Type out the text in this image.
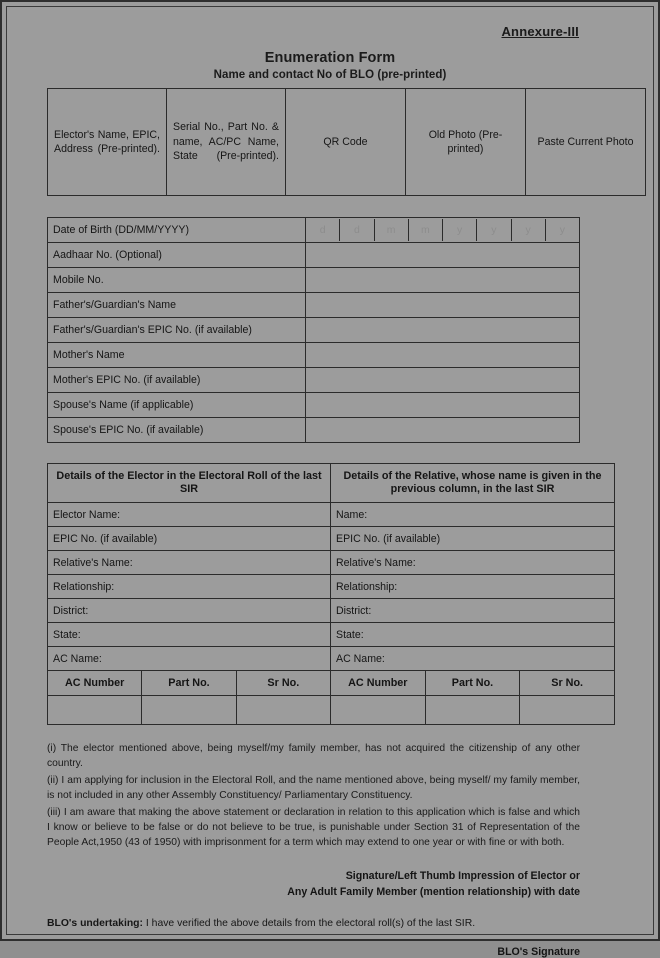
Annexure-III
Enumeration Form
Name and contact No of BLO (pre-printed)
Elector's Name, EPIC, Address (Pre-printed).	Serial No., Part No. & name, AC/PC Name, State (Pre-printed).	QR Code	Old Photo (Pre-printed)	Paste Current Photo
Date of Birth (DD/MM/YYYY)	d	d	m	m	y	y	y	y

Aadhaar No. (Optional)	
Mobile No.	
Father's/Guardian's Name	
Father's/Guardian's EPIC No. (if available)	
Mother's Name	
Mother's EPIC No. (if available)	
Spouse's Name (if applicable)	
Spouse's EPIC No. (if available)	
Details of the Elector in the Electoral Roll of the last SIR			Details of the Relative, whose name is given in the previous column, in the last SIR		
Elector Name:			Name:		
EPIC No. (if available)			EPIC No. (if available)		
Relative's Name:			Relative's Name:		
Relationship:			Relationship:		
District:			District:		
State:			State:		
AC Name:			AC Name:		
AC Number	Part No.	Sr No.	AC Number	Part No.	Sr No.

(i) The elector mentioned above, being myself/my family member, has not acquired the citizenship of any other country.

(ii) I am applying for inclusion in the Electoral Roll, and the name mentioned above, being myself/ my family member, is not included in any other Assembly Constituency/ Parliamentary Constituency.

(iii) I am aware that making the above statement or declaration in relation to this application which is false and which I know or believe to be false or do not believe to be true, is punishable under Section 31 of Representation of the People Act,1950 (43 of 1950) with imprisonment for a term which may extend to one year or with fine or with both.

Signature/Left Thumb Impression of Elector or
Any Adult Family Member (mention relationship) with date
BLO's undertaking: I have verified the above details from the electoral roll(s) of the last SIR.
BLO's Signature
